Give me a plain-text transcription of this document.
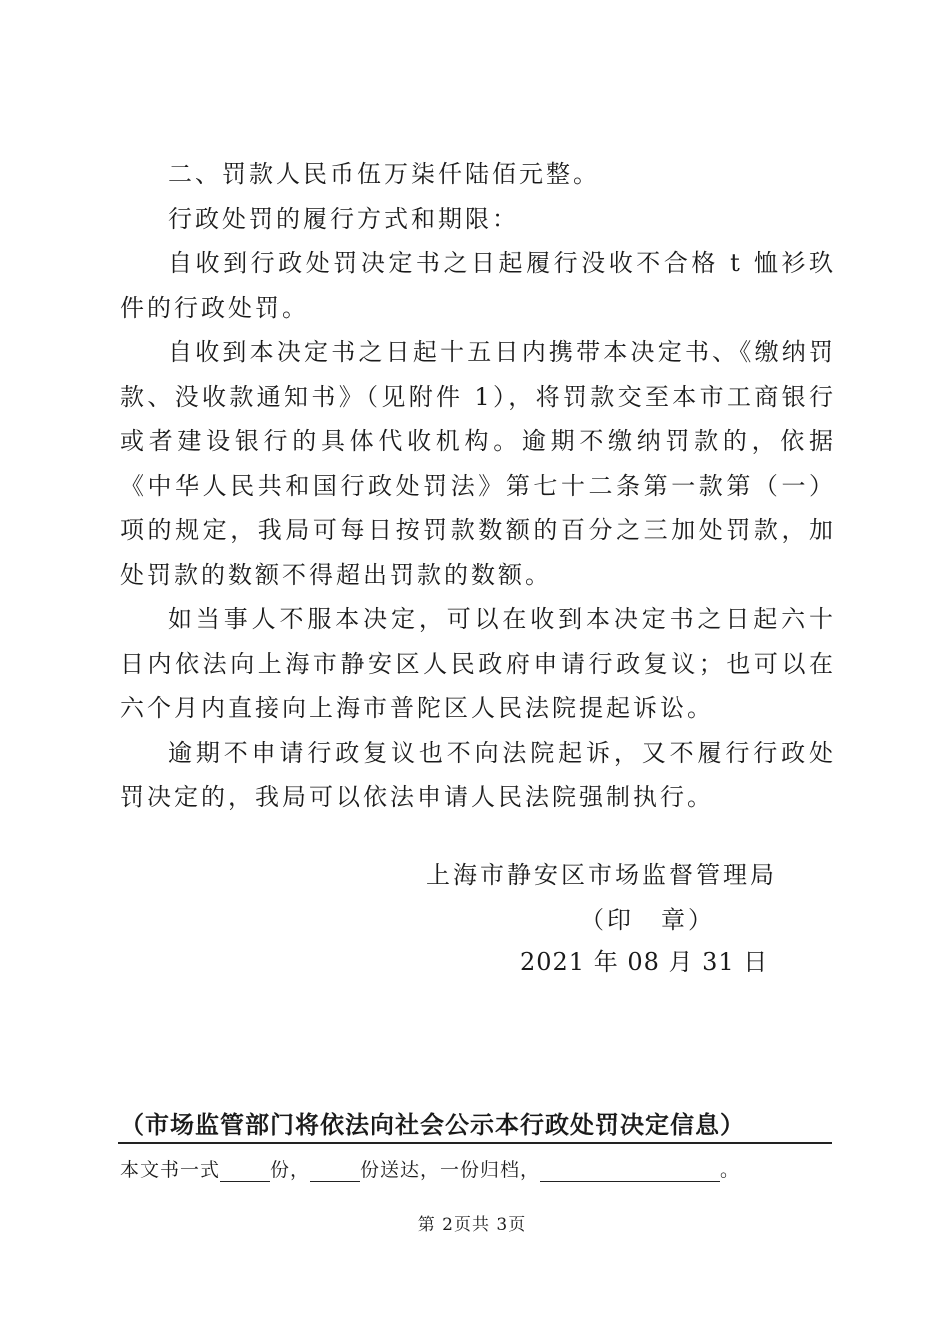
二、罚款人民币伍万柒仟陆佰元整。

行政处罚的履行方式和期限：

自收到行政处罚决定书之日起履行没收不合格 t 恤衫玖件的行政处罚。

自收到本决定书之日起十五日内携带本决定书、《缴纳罚款、没收款通知书》（见附件 1），将罚款交至本市工商银行或者建设银行的具体代收机构。逾期不缴纳罚款的，依据《中华人民共和国行政处罚法》第七十二条第一款第（一）项的规定，我局可每日按罚款数额的百分之三加处罚款，加处罚款的数额不得超出罚款的数额。

如当事人不服本决定，可以在收到本决定书之日起六十日内依法向上海市静安区人民政府申请行政复议；也可以在六个月内直接向上海市普陀区人民法院提起诉讼。

逾期不申请行政复议也不向法院起诉，又不履行行政处罚决定的，我局可以依法申请人民法院强制执行。

上海市静安区市场监督管理局
（印　章）
2021 年 08 月 31 日
（市场监管部门将依法向社会公示本行政处罚决定信息）
本文书一式	份，	份送达，一份归档，	。
第 2页共 3页
